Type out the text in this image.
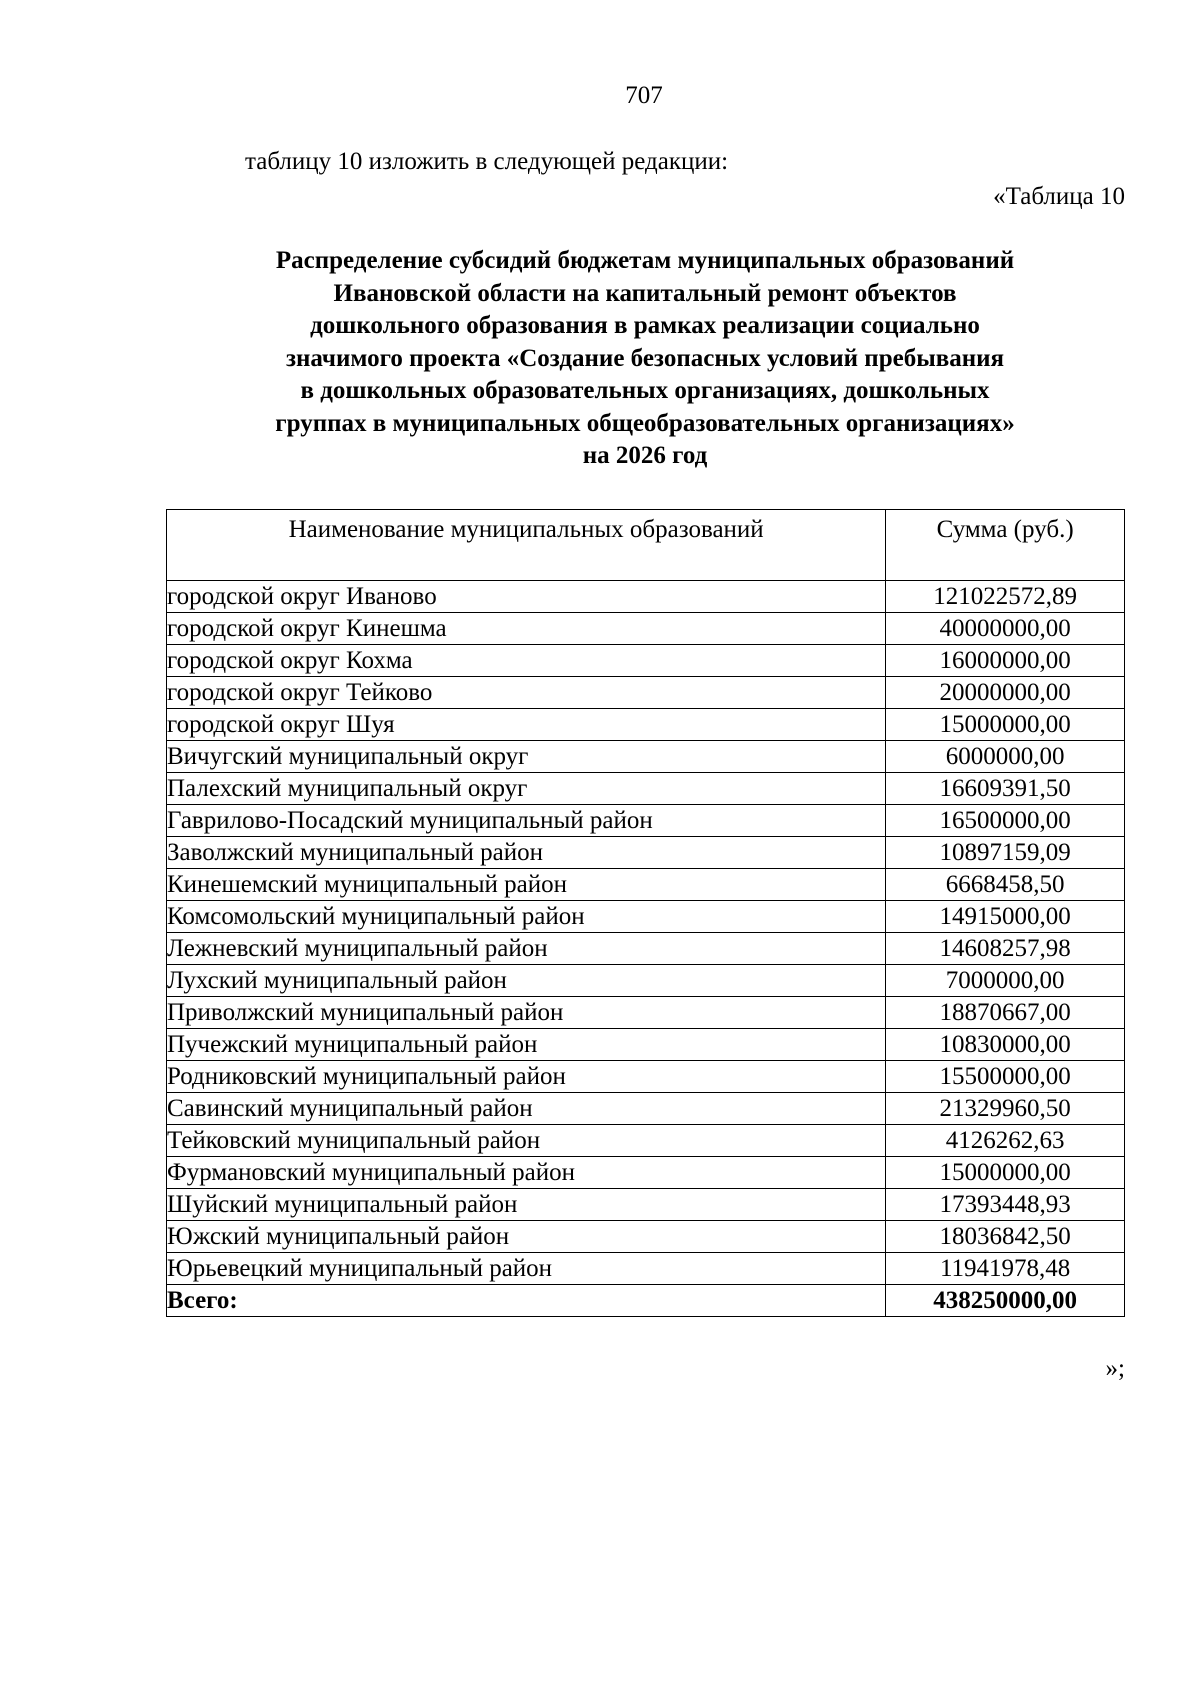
707
таблицу 10 изложить в следующей редакции:
«Таблица 10
Распределение субсидий бюджетам муниципальных образований
Ивановской области на капитальный ремонт объектов
дошкольного образования в рамках реализации социально
значимого проекта «Создание безопасных условий пребывания
в дошкольных образовательных организациях, дошкольных
группах в муниципальных общеобразовательных организациях»
на 2026 год
Наименование муниципальных образований	Сумма (руб.)
городской округ Иваново	121022572,89
городской округ Кинешма	40000000,00
городской округ Кохма	16000000,00
городской округ Тейково	20000000,00
городской округ Шуя	15000000,00
Вичугский муниципальный округ	6000000,00
Палехский муниципальный округ	16609391,50
Гаврилово-Посадский муниципальный район	16500000,00
Заволжский муниципальный район	10897159,09
Кинешемский муниципальный район	6668458,50
Комсомольский муниципальный район	14915000,00
Лежневский муниципальный район	14608257,98
Лухский муниципальный район	7000000,00
Приволжский муниципальный район	18870667,00
Пучежский муниципальный район	10830000,00
Родниковский муниципальный район	15500000,00
Савинский муниципальный район	21329960,50
Тейковский муниципальный район	4126262,63
Фурмановский муниципальный район	15000000,00
Шуйский муниципальный район	17393448,93
Южский муниципальный район	18036842,50
Юрьевецкий муниципальный район	11941978,48
Всего:	438250000,00
»;
